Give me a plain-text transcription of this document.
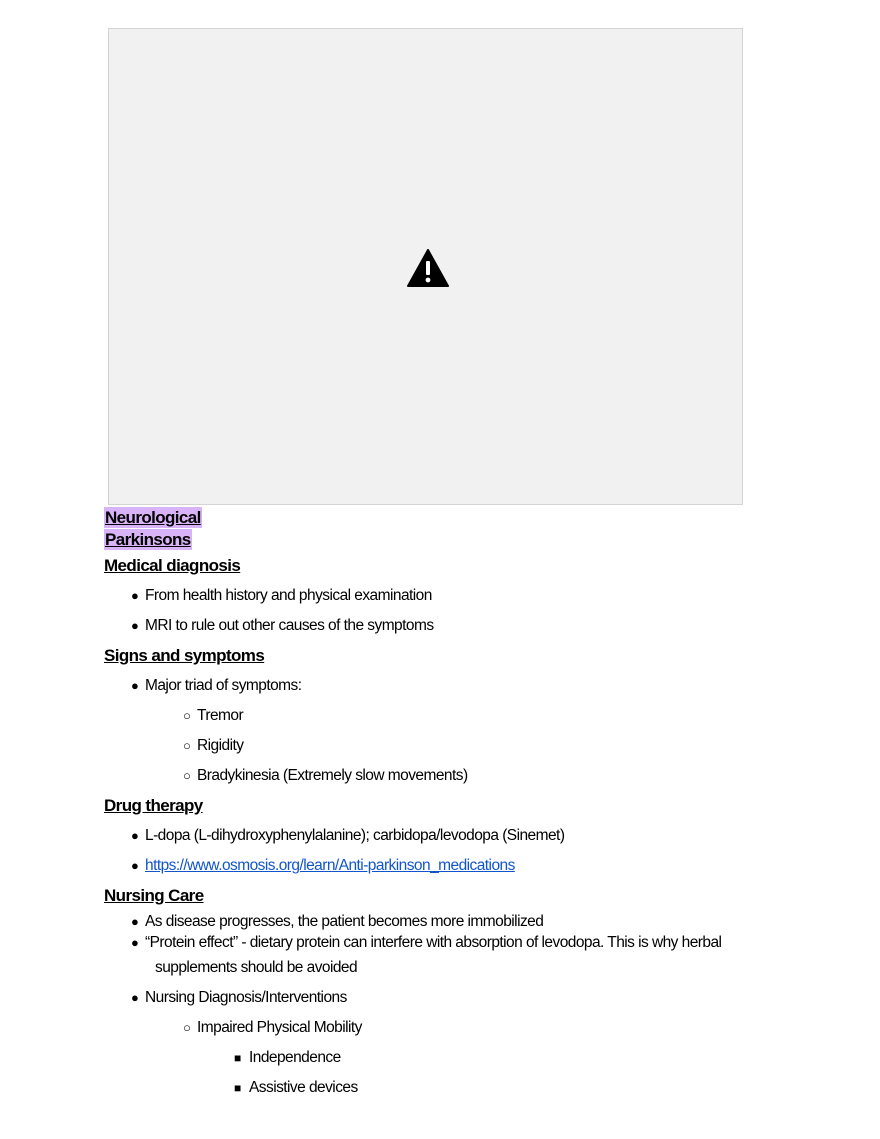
Neurological
Parkinsons
Medical diagnosis
● From health history and physical examination
● MRI to rule out other causes of the symptoms
Signs and symptoms
● Major triad of symptoms:
○ Tremor
○ Rigidity
○ Bradykinesia (Extremely slow movements)
Drug therapy
● L-dopa (L-dihydroxyphenylalanine); carbidopa/levodopa (Sinemet)
● https://www.osmosis.org/learn/Anti-parkinson_medications
Nursing Care
● As disease progresses, the patient becomes more immobilized
● “Protein effect” - dietary protein can interfere with absorption of levodopa. This is why herbal
supplements should be avoided
● Nursing Diagnosis/Interventions
○ Impaired Physical Mobility
■ Independence
■ Assistive devices
